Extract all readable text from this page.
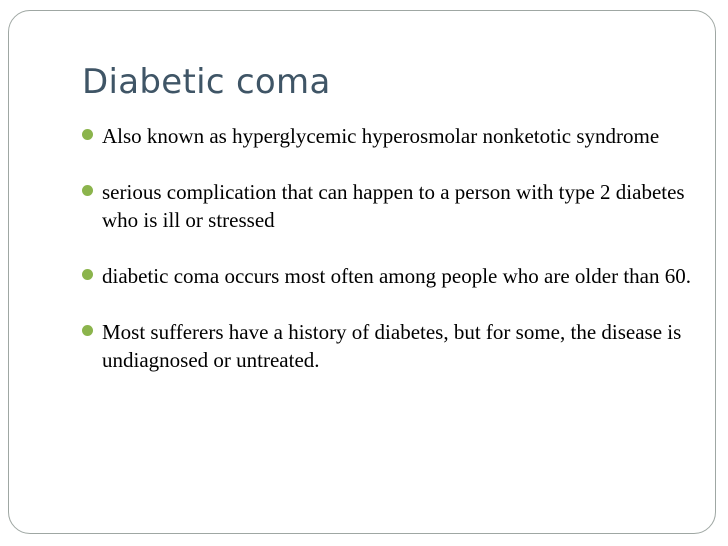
Diabetic coma
Also known as hyperglycemic hyperosmolar nonketotic syndrome
serious complication that can happen to a person with type 2 diabetes who is ill or stressed
diabetic coma occurs most often among people who are older than 60.
Most sufferers have a history of diabetes, but for some, the disease is undiagnosed or untreated.
